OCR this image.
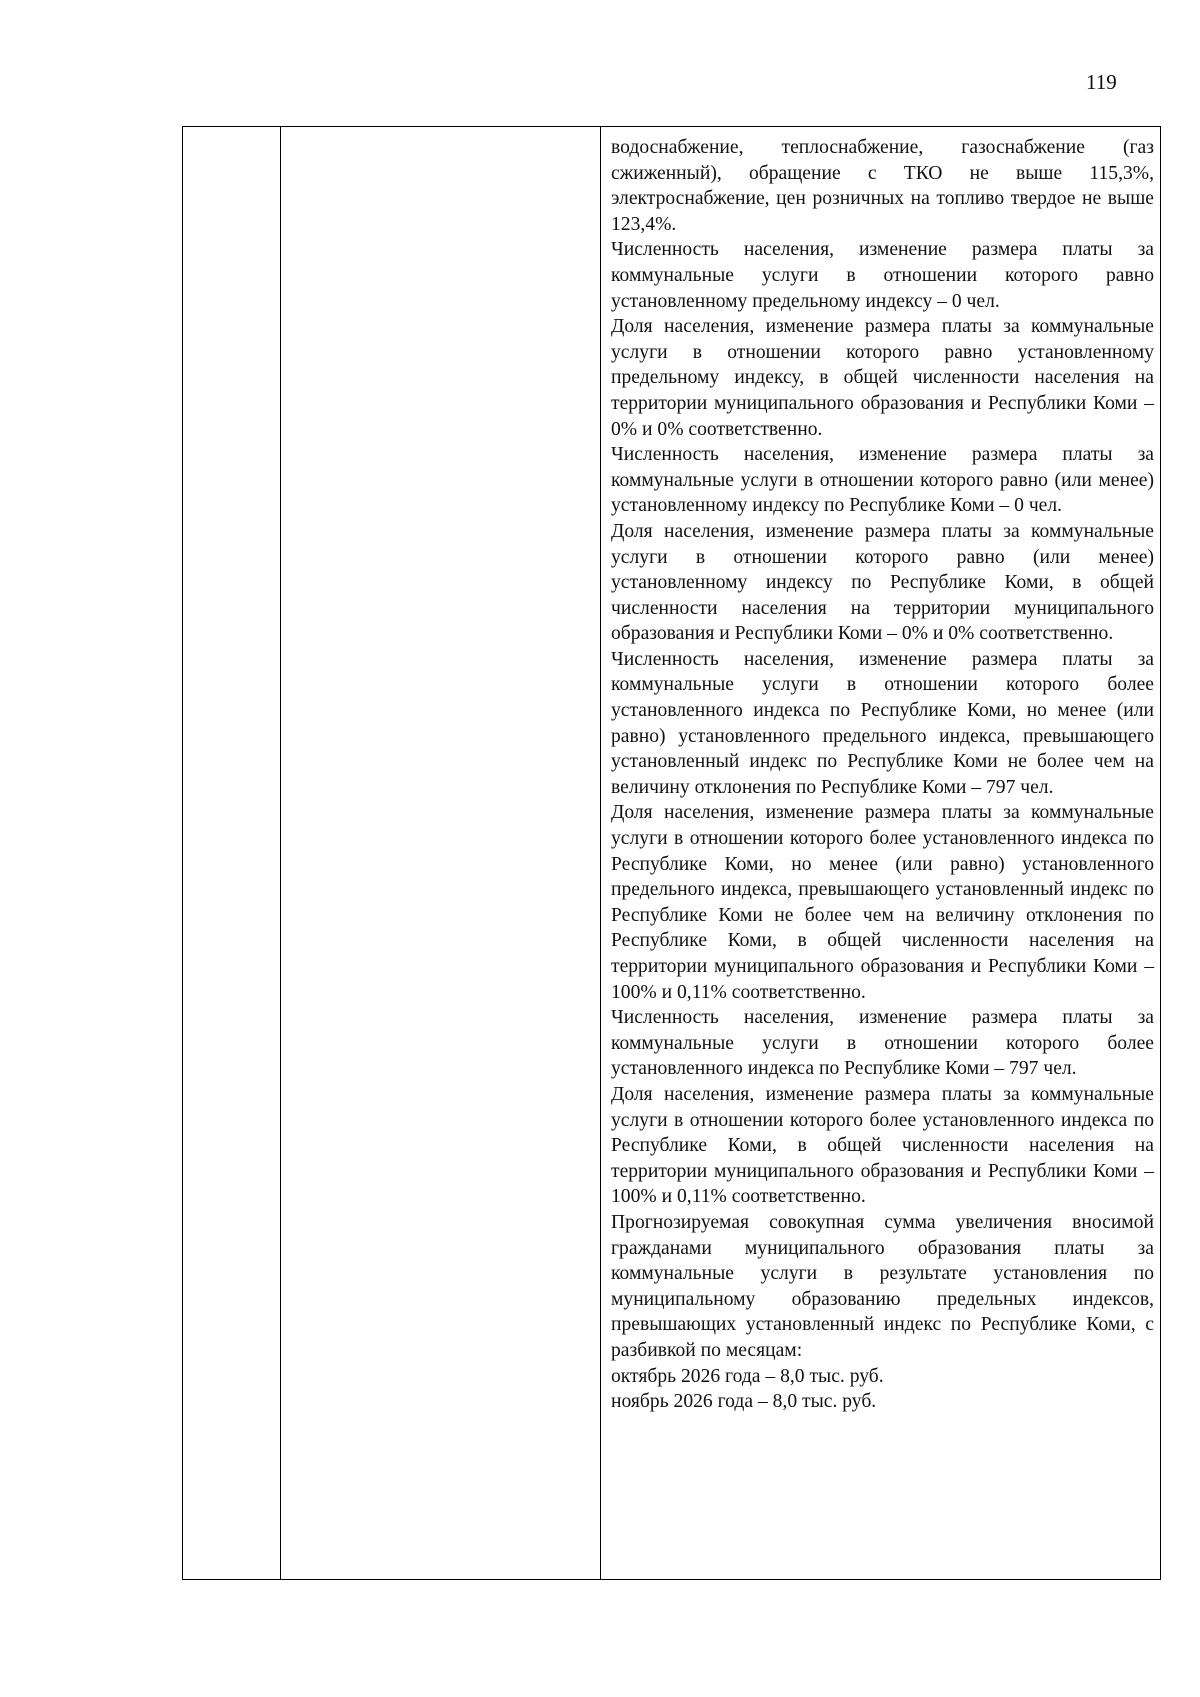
119

водоснабжение, теплоснабжение, газоснабжение (газ сжиженный), обращение с ТКО не выше 115,3%, электроснабжение, цен розничных на топливо твердое не выше 123,4%.

Численность населения, изменение размера платы за коммунальные услуги в отношении которого равно установленному предельному индексу – 0 чел.

Доля населения, изменение размера платы за коммунальные услуги в отношении которого равно установленному предельному индексу, в общей численности населения на территории муниципального образования и Республики Коми – 0% и 0% соответственно.

Численность населения, изменение размера платы за коммунальные услуги в отношении которого равно (или менее) установленному индексу по Республике Коми – 0 чел.

Доля населения, изменение размера платы за коммунальные услуги в отношении которого равно (или менее) установленному индексу по Республике Коми, в общей численности населения на территории муниципального образования и Республики Коми – 0% и 0% соответственно.

Численность населения, изменение размера платы за коммунальные услуги в отношении которого более установленного индекса по Республике Коми, но менее (или равно) установленного предельного индекса, превышающего установленный индекс по Республике Коми не более чем на величину отклонения по Республике Коми – 797 чел.

Доля населения, изменение размера платы за коммунальные услуги в отношении которого более установленного индекса по Республике Коми, но менее (или равно) установленного предельного индекса, превышающего установленный индекс по Республике Коми не более чем на величину отклонения по Республике Коми, в общей численности населения на территории муниципального образования и Республики Коми – 100% и 0,11% соответственно.

Численность населения, изменение размера платы за коммунальные услуги в отношении которого более установленного индекса по Республике Коми – 797 чел.

Доля населения, изменение размера платы за коммунальные услуги в отношении которого более установленного индекса по Республике Коми, в общей численности населения на территории муниципального образования и Республики Коми – 100% и 0,11% соответственно.

Прогнозируемая совокупная сумма увеличения вносимой гражданами муниципального образования платы за коммунальные услуги в результате установления по муниципальному образованию предельных индексов, превышающих установленный индекс по Республике Коми, с разбивкой по месяцам:

октябрь 2026 года – 8,0 тыс. руб.

ноябрь 2026 года – 8,0 тыс. руб.
